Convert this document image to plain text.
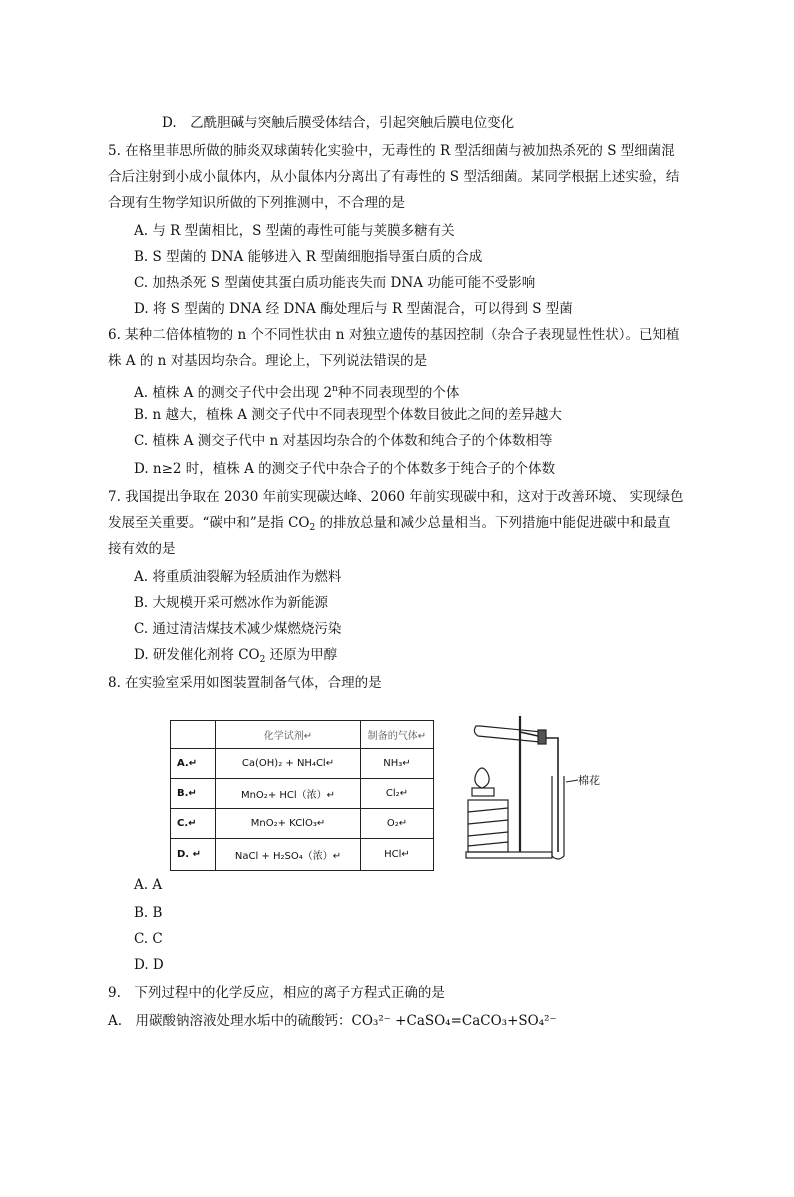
D.　乙酰胆碱与突触后膜受体结合，引起突触后膜电位变化
5. 在格里菲思所做的肺炎双球菌转化实验中，无毒性的 R 型活细菌与被加热杀死的 S 型细菌混
合后注射到小成小鼠体内，从小鼠体内分离出了有毒性的 S 型活细菌。某同学根据上述实验，结
合现有生物学知识所做的下列推测中，不合理的是
A. 与 R 型菌相比，S 型菌的毒性可能与荚膜多糖有关
B. S 型菌的 DNA 能够进入 R 型菌细胞指导蛋白质的合成
C. 加热杀死 S 型菌使其蛋白质功能丧失而 DNA 功能可能不受影响
D. 将 S 型菌的 DNA 经 DNA 酶处理后与 R 型菌混合，可以得到 S 型菌
6. 某种二倍体植物的 n 个不同性状由 n 对独立遗传的基因控制（杂合子表现显性性状）。已知植
株 A 的 n 对基因均杂合。理论上，下列说法错误的是
A. 植株 A 的测交子代中会出现 2$^n$种不同表现型的个体
B. n 越大，植株 A 测交子代中不同表现型个体数目彼此之间的差异越大
C. 植株 A 测交子代中 n 对基因均杂合的个体数和纯合子的个体数相等
D. n≥2 时，植株 A 的测交子代中杂合子的个体数多于纯合子的个体数
7. 我国提出争取在 2030 年前实现碳达峰、2060 年前实现碳中和，这对于改善环境、 实现绿色
发展至关重要。“碳中和”是指 $CO_2$ 的排放总量和减少总量相当。下列措施中能促进碳中和最直
接有效的是
A. 将重质油裂解为轻质油作为燃料
B. 大规模开采可燃冰作为新能源
C. 通过清洁煤技术减少煤燃烧污染
D. 研发催化剂将 $CO_2$ 还原为甲醇
8. 在实验室采用如图装置制备气体，合理的是
	化学试剂↵	制备的气体↵
A.↵	Ca(OH)₂ + NH₄Cl↵	NH₃↵
B.↵	MnO₂+ HCl（浓）↵	Cl₂↵
C.↵	MnO₂+ KClO₃↵	O₂↵
D. ↵	NaCl + H₂SO₄（浓）↵	HCl↵
棉花
A. A
B. B
C. C
D. D
9.　下列过程中的化学反应，相应的离子方程式正确的是
A.　用碳酸钠溶液处理水垢中的硫酸钙：CO₃²⁻ +CaSO₄=CaCO₃+SO₄²⁻
